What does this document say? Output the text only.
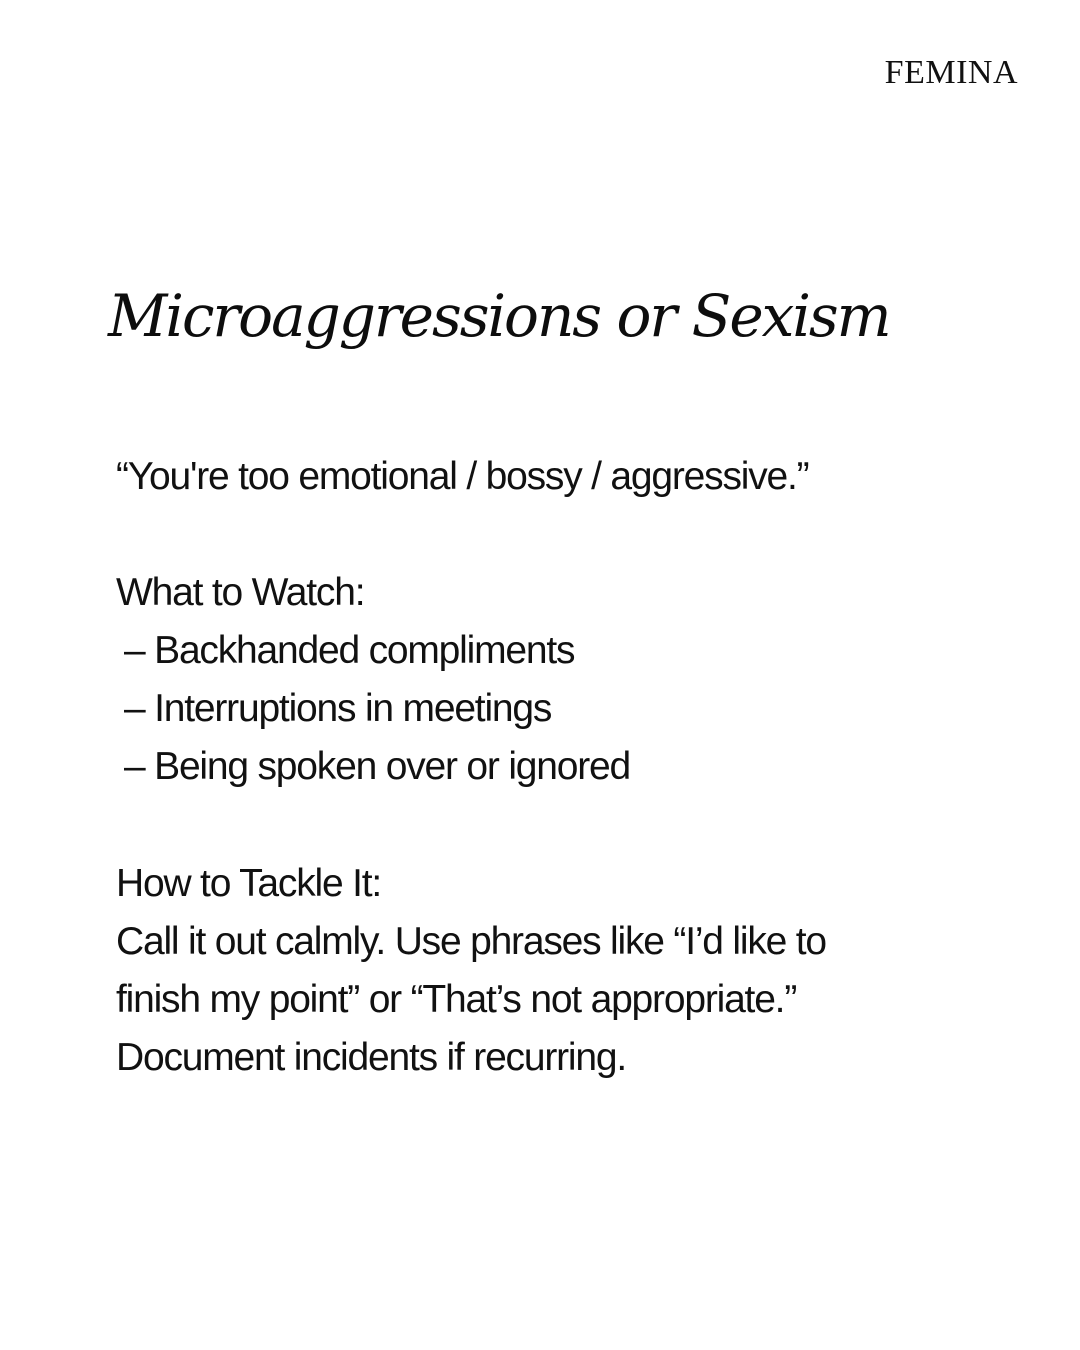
FEMINA
Microaggressions or Sexism

“You're too emotional / bossy / aggressive.”

What to Watch:

– Backhanded compliments
– Interruptions in meetings
– Being spoken over or ignored

How to Tackle It:

Call it out calmly. Use phrases like “I’d like to
finish my point” or “That’s not appropriate.”
Document incidents if recurring.
